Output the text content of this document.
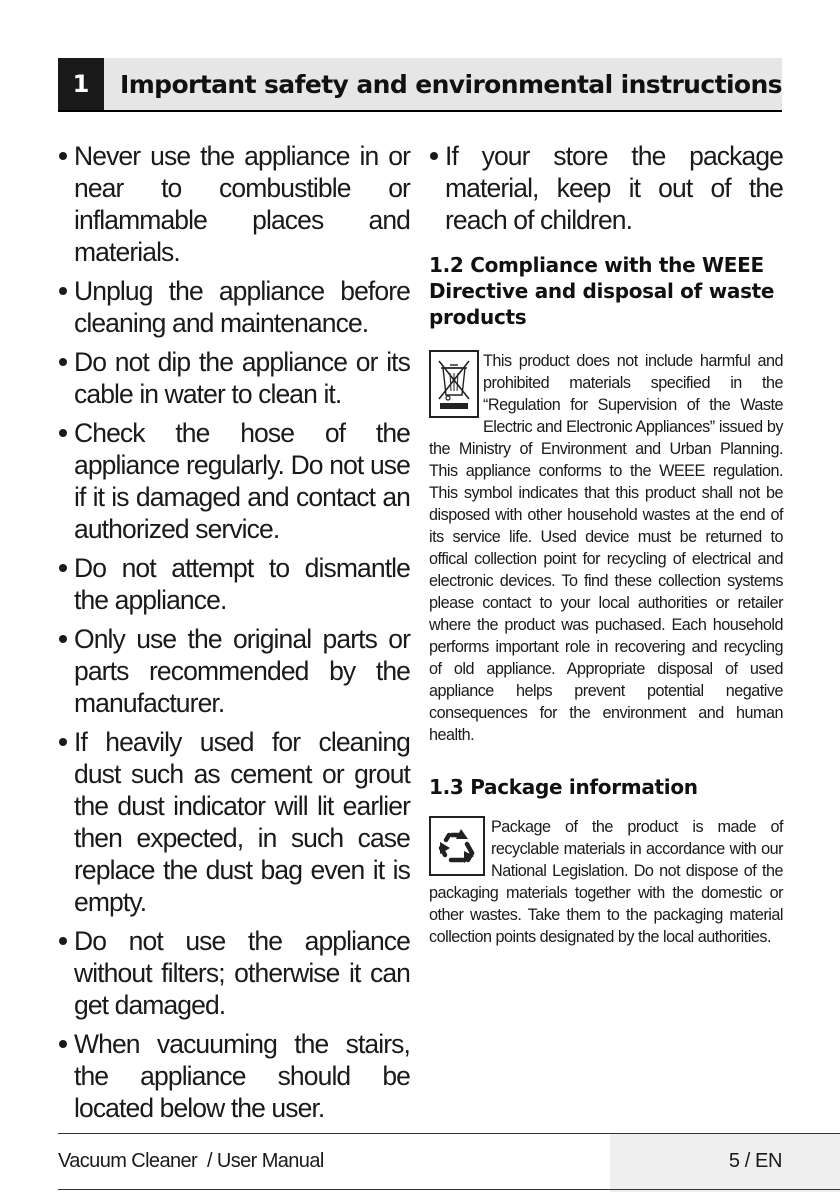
1	Important safety and environmental instructions
Never use the appliance in or near to combustible or inflammable places and materials.
Unplug the appliance before cleaning and maintenance.
Do not dip the appliance or its cable in water to clean it.
Check the hose of the appliance regularly. Do not use if it is damaged and contact an authorized service.
Do not attempt to dismantle the appliance.
Only use the original parts or parts recommended by the manufacturer.
If heavily used for cleaning dust such as cement or grout the dust indicator will lit earlier then expected, in such case replace the dust bag even it is empty.
Do not use the appliance without filters; otherwise it can get damaged.
When vacuuming the stairs, the appliance should be located below the user.
If your store the package material, keep it out of the reach of children.
1.2 Compliance with the WEEE Directive and disposal of waste products

This product does not include harmful and prohibited materials specified in the “Regulation for Supervision of the Waste Electric and Electronic Appliances” issued by the Ministry of Environment and Urban Planning. This appliance conforms to the WEEE regulation. This symbol indicates that this product shall not be disposed with other household wastes at the end of its service life. Used device must be returned to offical collection point for recycling of electrical and electronic devices. To find these collection systems please contact to your local authorities or retailer where the product was puchased. Each household performs important role in recovering and recycling of old appliance. Appropriate disposal of used appliance helps prevent potential negative consequences for the environment and human health.

1.3 Package information

Package of the product is made of recyclable materials in accordance with our National Legislation. Do not dispose of the packaging materials together with the domestic or other wastes. Take them to the packaging material collection points designated by the local authorities.

Vacuum Cleaner  / User Manual	5 / EN
